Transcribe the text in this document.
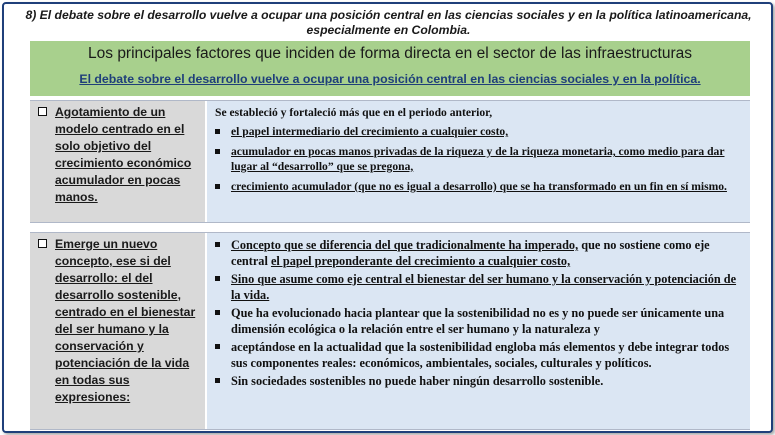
8) El debate sobre el desarrollo vuelve a ocupar una posición central en las ciencias sociales y en la política latinoamericana, especialmente en Colombia.
Los principales factores que inciden de forma directa en el sector de las infraestructuras
El debate sobre el desarrollo vuelve a ocupar una posición central en las ciencias sociales y en la política.
Agotamiento de un modelo centrado en el solo objetivo del crecimiento económico acumulador en pocas manos.
Se estableció y fortaleció más que en el periodo anterior,
el papel intermediario del crecimiento a cualquier costo,
acumulador en pocas manos privadas de la riqueza y de la riqueza monetaria, como medio para dar lugar al “desarrollo” que se pregona,
crecimiento acumulador (que no es igual a desarrollo) que se ha transformado en un fin en sí mismo.
Emerge un nuevo concepto, ese si del desarrollo: el del desarrollo sostenible, centrado en el bienestar del ser humano y la conservación y potenciación de la vida en todas sus expresiones:
Concepto que se diferencia del que tradicionalmente ha imperado, que no sostiene como eje central el papel preponderante del crecimiento a cualquier costo,
Sino que asume como eje central el bienestar del ser humano y la conservación y potenciación de la vida.
Que ha evolucionado hacia plantear que la sostenibilidad no es y no puede ser únicamente una dimensión ecológica o la relación entre el ser humano y la naturaleza y
aceptándose en la actualidad que la sostenibilidad engloba más elementos y debe integrar todos sus componentes reales: económicos, ambientales, sociales, culturales y políticos.
Sin sociedades sostenibles no puede haber ningún desarrollo sostenible.
